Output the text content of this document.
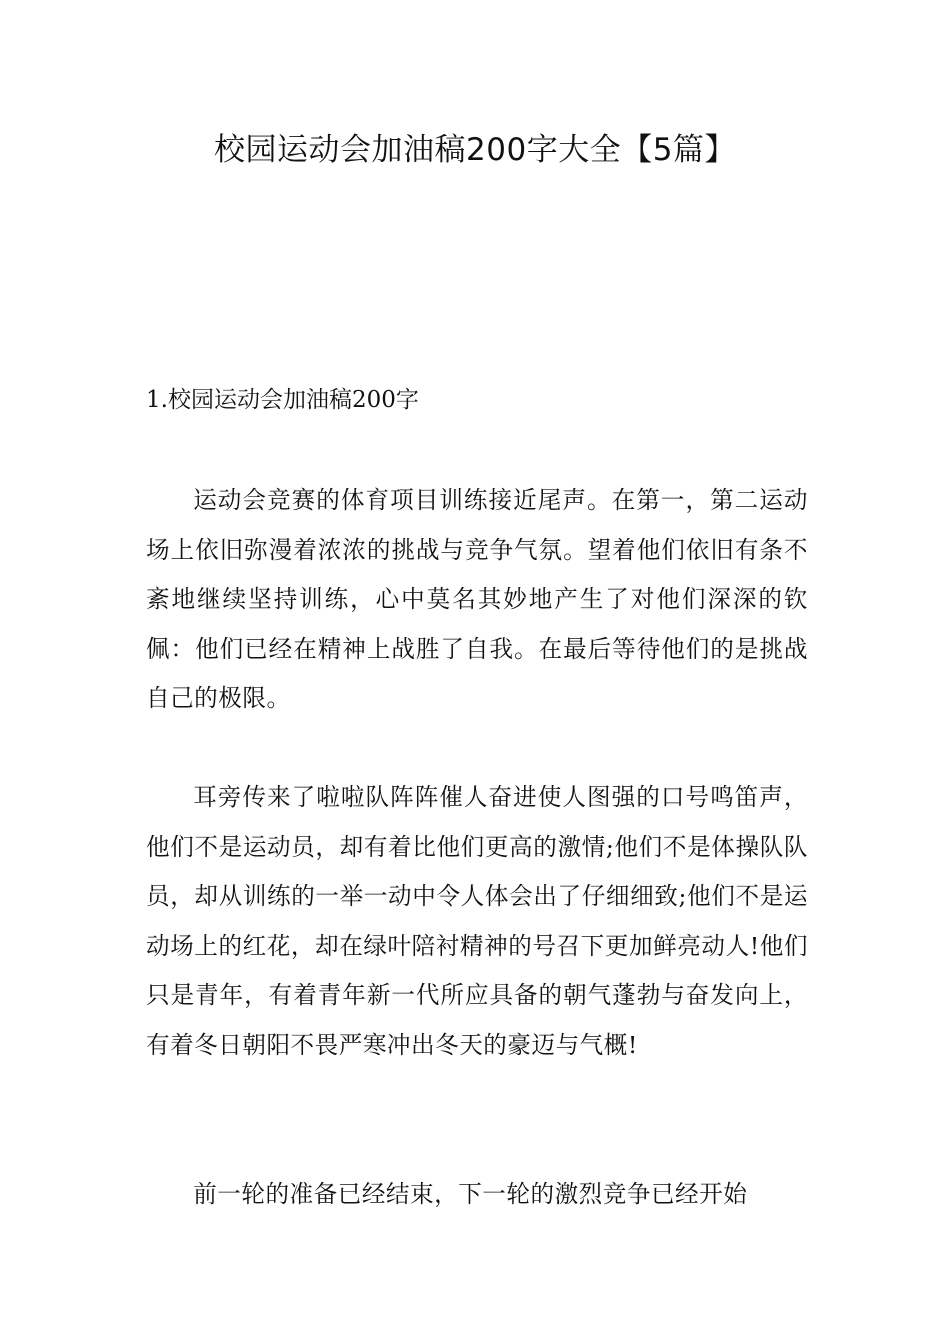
校园运动会加油稿200字大全【5篇】
1.校园运动会加油稿200字

运动会竞赛的体育项目训练接近尾声。在第一，第二运动场上依旧弥漫着浓浓的挑战与竞争气氛。望着他们依旧有条不紊地继续坚持训练，心中莫名其妙地产生了对他们深深的钦佩：他们已经在精神上战胜了自我。在最后等待他们的是挑战自己的极限。

耳旁传来了啦啦队阵阵催人奋进使人图强的口号鸣笛声，他们不是运动员，却有着比他们更高的激情;他们不是体操队队员，却从训练的一举一动中令人体会出了仔细细致;他们不是运动场上的红花，却在绿叶陪衬精神的号召下更加鲜亮动人!他们只是青年，有着青年新一代所应具备的朝气蓬勃与奋发向上，有着冬日朝阳不畏严寒冲出冬天的豪迈与气概!

前一轮的准备已经结束，下一轮的激烈竞争已经开始
